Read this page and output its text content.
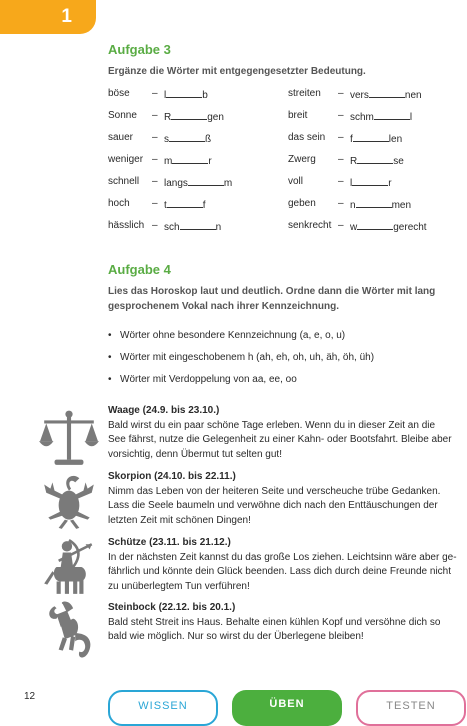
1
Aufgabe 3
Ergänze die Wörter mit entgegengesetzter Bedeutung.
böse – l	b	streiten – vers	nen
Sonne – R	gen	breit	– schm	l
sauer – s	ß	das sein – f	len
weniger – m	r	Zwerg – R	se
schnell – langs	m	voll	– l	r
hoch – t	f	geben – n	men
hässlich – sch	n	senkrecht – w	gerecht
Aufgabe 4
Lies das Horoskop laut und deutlich. Ordne dann die Wörter mit lang gesprochenem Vokal nach ihrer Kennzeichnung.
• Wörter ohne besondere Kennzeichnung (a, e, o, u)
• Wörter mit eingeschobenem h (ah, eh, oh, uh, äh, öh, üh)
• Wörter mit Verdoppelung von aa, ee, oo
Waage (24.9. bis 23.10.)
Bald wirst du ein paar schöne Tage erleben. Wenn du in dieser Zeit an die
See fährst, nutze die Gelegenheit zu einer Kahn- oder Bootsfahrt. Bleibe aber
vorsichtig, denn Übermut tut selten gut!
Skorpion (24.10. bis 22.11.)
Nimm das Leben von der heiteren Seite und verscheuche trübe Gedanken.
Lass die Seele baumeln und verwöhne dich nach den Enttäuschungen der
letzten Zeit mit schönen Dingen!
Schütze (23.11. bis 21.12.)
In der nächsten Zeit kannst du das große Los ziehen. Leichtsinn wäre aber ge-
fährlich und könnte dein Glück beenden. Lass dich durch deine Freunde nicht
zu unüberlegtem Tun verführen!
Steinbock (22.12. bis 20.1.)
Bald steht Streit ins Haus. Behalte einen kühlen Kopf und versöhne dich so
bald wie möglich. Nur so wirst du der Überlegene bleiben!
12
WISSEN	ÜBEN	TESTEN
